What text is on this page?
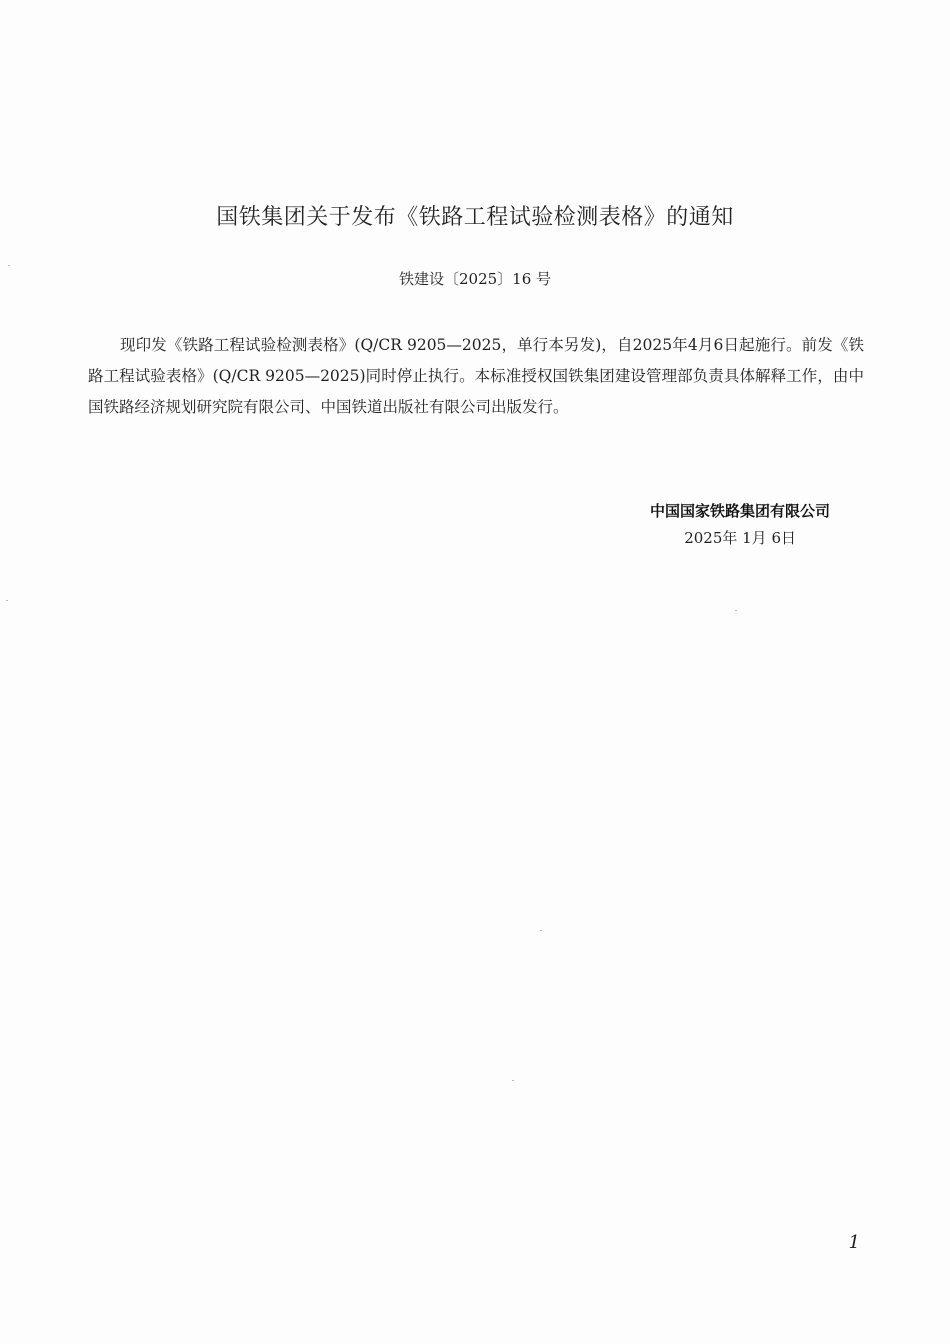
国铁集团关于发布《铁路工程试验检测表格》的通知
铁建设〔2025〕16 号

现印发《铁路工程试验检测表格》(Q/CR 9205—2025，单行本另发)，自2025年4月6日起施行。前发《铁路工程试验表格》(Q/CR 9205—2025)同时停止执行。本标准授权国铁集团建设管理部负责具体解释工作，由中国铁路经济规划研究院有限公司、中国铁道出版社有限公司出版发行。

中国国家铁路集团有限公司
2025年 1月 6日
1
